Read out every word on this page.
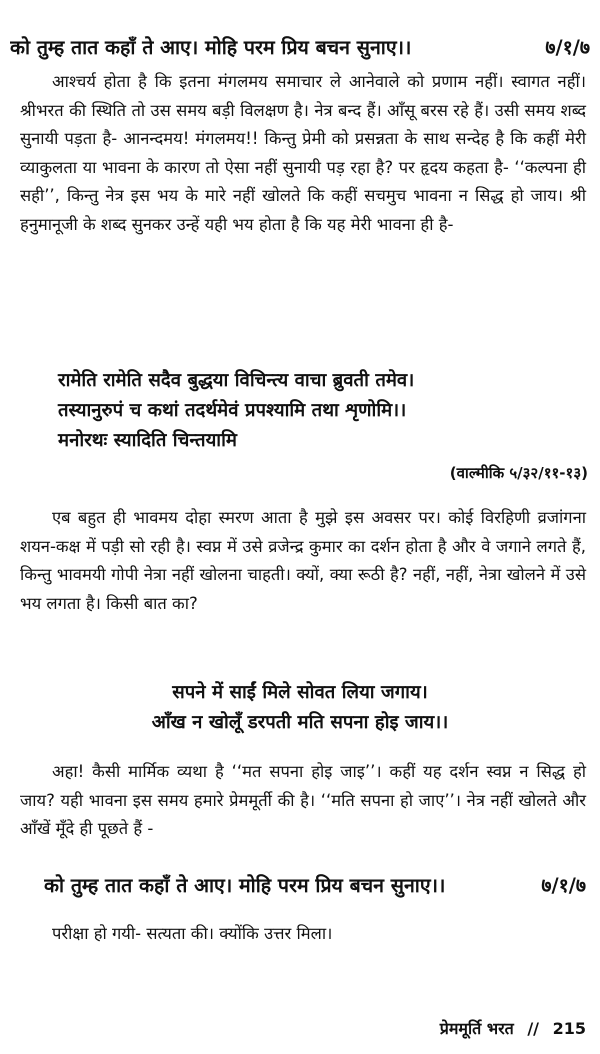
को तुम्ह तात कहाँ ते आए। मोहि परम प्रिय बचन सुनाए।।	७/१/७
आश्चर्य होता है कि इतना मंगलमय समाचार ले आनेवाले को प्रणाम नहीं। स्वागत नहीं। श्रीभरत की स्थिति तो उस समय बड़ी विलक्षण है। नेत्र बन्द हैं। आँसू बरस रहे हैं। उसी समय शब्द सुनायी पड़ता है- आनन्दमय! मंगलमय!! किन्तु प्रेमी को प्रसन्नता के साथ सन्देह है कि कहीं मेरी व्याकुलता या भावना के कारण तो ऐसा नहीं सुनायी पड़ रहा है? पर हृदय कहता है- ‘‘कल्पना ही सही’’, किन्तु नेत्र इस भय के मारे नहीं खोलते कि कहीं सचमुच भावना न सिद्ध हो जाय। श्री हनुमानूजी के शब्द सुनकर उन्हें यही भय होता है कि यह मेरी भावना ही है-
रामेति रामेति सदैव बुद्धया विचिन्त्य वाचा ब्रुवती तमेव।
तस्यानुरुपं च कथां तदर्थमेवं प्रपश्यामि तथा शृणोमि।।
मनोरथः स्यादिति चिन्तयामि
(वाल्मीकि ५/३२/११-१३)
एब बहुत ही भावमय दोहा स्मरण आता है मुझे इस अवसर पर। कोई विरहिणी व्रजांगना शयन-कक्ष में पड़ी सो रही है। स्वप्न में उसे व्रजेन्द्र कुमार का दर्शन होता है और वे जगाने लगते हैं, किन्तु भावमयी गोपी नेत्रा नहीं खोलना चाहती। क्यों, क्या रूठी है? नहीं, नहीं, नेत्रा खोलने में उसे भय लगता है। किसी बात का?
सपने में साईं मिले सोवत लिया जगाय।
आँख न खोलूँ डरपती मति सपना होइ जाय।।
अहा! कैसी मार्मिक व्यथा है ‘‘मत सपना होइ जाइ’’। कहीं यह दर्शन स्वप्न न सिद्ध हो जाय? यही भावना इस समय हमारे प्रेममूर्ती की है। ‘‘मति सपना हो जाए’’। नेत्र नहीं खोलते और आँखें मूँदे ही पूछते हैं -
को तुम्ह तात कहाँ ते आए। मोहि परम प्रिय बचन सुनाए।।	७/१/७
परीक्षा हो गयी- सत्यता की। क्योंकि उत्तर मिला।
प्रेममूर्ति भरत // 215
